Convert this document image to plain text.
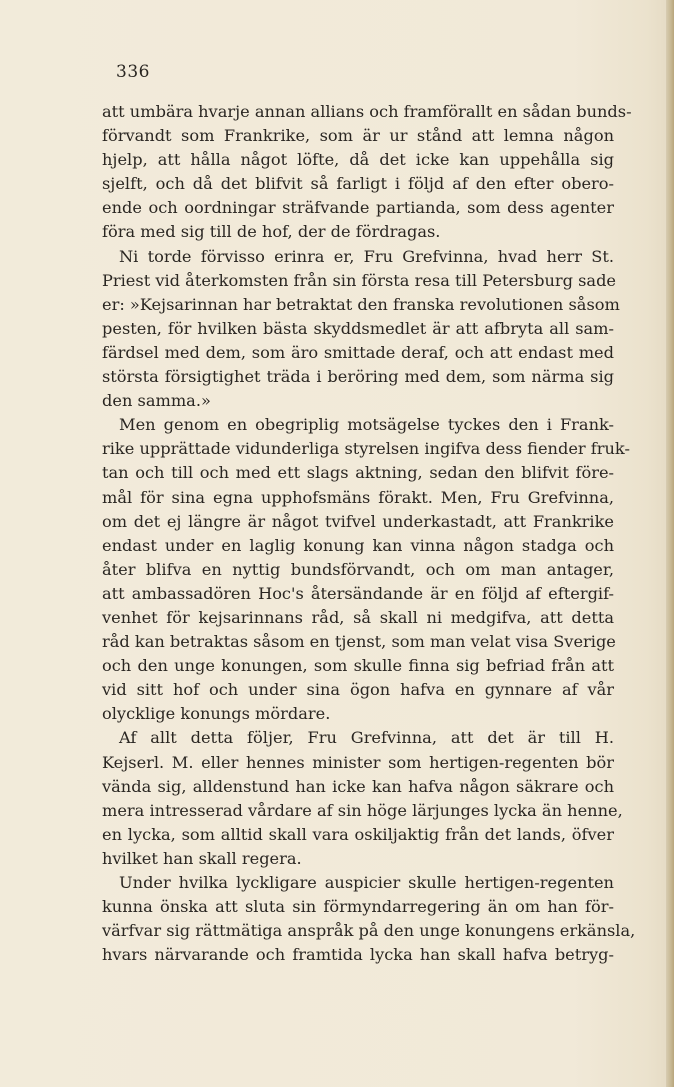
336
att umbära hvarje annan allians och framförallt en sådan bunds-
förvandt som Frankrike, som är ur stånd att lemna någon
hjelp, att hålla något löfte, då det icke kan uppehålla sig
sjelft, och då det blifvit så farligt i följd af den efter obero-
ende och oordningar sträfvande partianda, som dess agenter
föra med sig till de hof, der de fördragas.
Ni torde förvisso erinra er, Fru Grefvinna, hvad herr St.
Priest vid återkomsten från sin första resa till Petersburg sade
er: »Kejsarinnan har betraktat den franska revolutionen såsom
pesten, för hvilken bästa skyddsmedlet är att afbryta all sam-
färdsel med dem, som äro smittade deraf, och att endast med
största försigtighet träda i beröring med dem, som närma sig
den samma.»
Men genom en obegriplig motsägelse tyckes den i Frank-
rike upprättade vidunderliga styrelsen ingifva dess fiender fruk-
tan och till och med ett slags aktning, sedan den blifvit före-
mål för sina egna upphofsmäns förakt. Men, Fru Grefvinna,
om det ej längre är något tvifvel underkastadt, att Frankrike
endast under en laglig konung kan vinna någon stadga och
åter blifva en nyttig bundsförvandt, och om man antager,
att ambassadören Hoc's återsändande är en följd af eftergif-
venhet för kejsarinnans råd, så skall ni medgifva, att detta
råd kan betraktas såsom en tjenst, som man velat visa Sverige
och den unge konungen, som skulle finna sig befriad från att
vid sitt hof och under sina ögon hafva en gynnare af vår
olycklige konungs mördare.
Af allt detta följer, Fru Grefvinna, att det är till H.
Kejserl. M. eller hennes minister som hertigen-regenten bör
vända sig, alldenstund han icke kan hafva någon säkrare och
mera intresserad vårdare af sin höge lärjunges lycka än henne,
en lycka, som alltid skall vara oskiljaktig från det lands, öfver
hvilket han skall regera.
Under hvilka lyckligare auspicier skulle hertigen-regenten
kunna önska att sluta sin förmyndarregering än om han för-
värfvar sig rättmätiga anspråk på den unge konungens erkänslа,
hvars närvarande och framtida lycka han skall hafva betryg-
